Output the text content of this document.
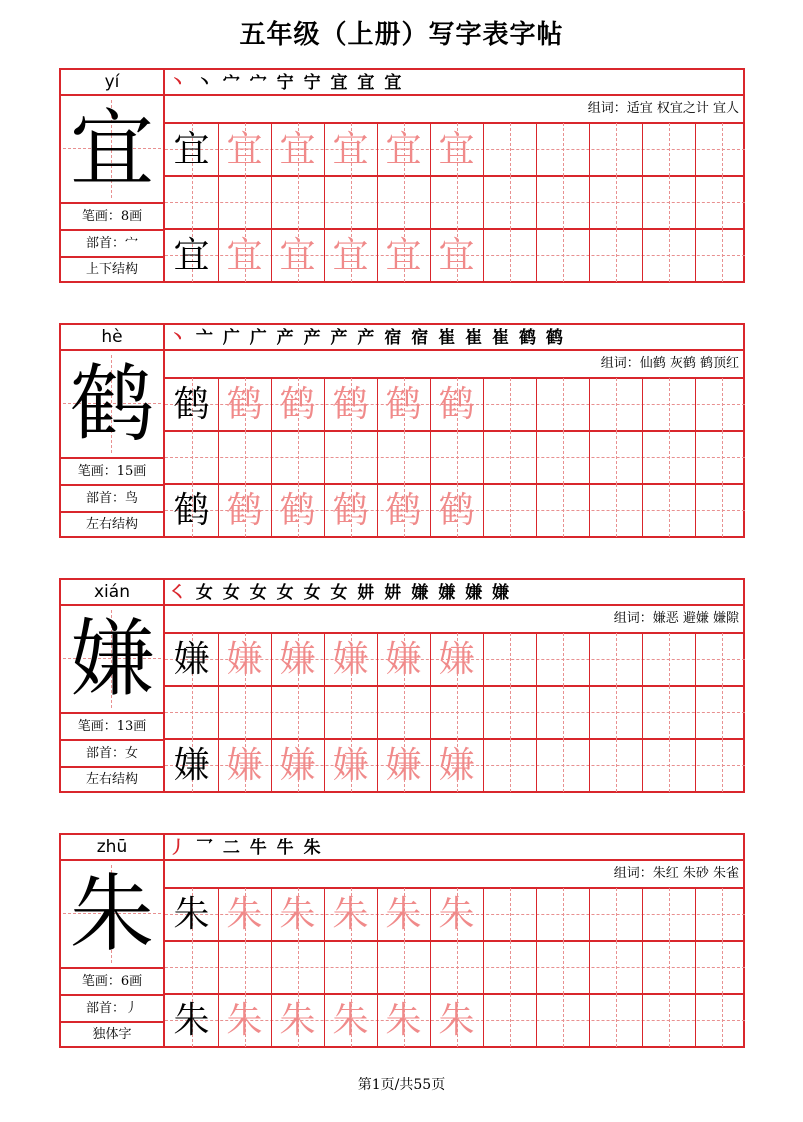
五年级（上册）写字表字帖
yí
宜
笔画：8画
部首：宀
上下结构
丶 丶 宀 宀 宁 宁 宜 宜 宜
组词：适宜 权宜之计 宜人
宜 宜 宜 宜 宜 宜
宜 宜 宜 宜 宜 宜
hè
鹤
笔画：15画
部首：鸟
左右结构
丶 亠 广 广 产 产 产 产 宿 宿 崔 崔 崔 鹤 鹤
组词：仙鹤 灰鹤 鹤顶红
鹤 鹤 鹤 鹤 鹤 鹤
鹤 鹤 鹤 鹤 鹤 鹤
xián
嫌
笔画：13画
部首：女
左右结构
㇛ 女 女 女 女 女 女 妌 妌 嫌 嫌 嫌 嫌
组词：嫌恶 避嫌 嫌隙
嫌 嫌 嫌 嫌 嫌 嫌
嫌 嫌 嫌 嫌 嫌 嫌
zhū
朱
笔画：6画
部首：丿
独体字
丿 乛 二 牛 牛 朱
组词：朱红 朱砂 朱雀
朱 朱 朱 朱 朱 朱
朱 朱 朱 朱 朱 朱
第1页/共55页
